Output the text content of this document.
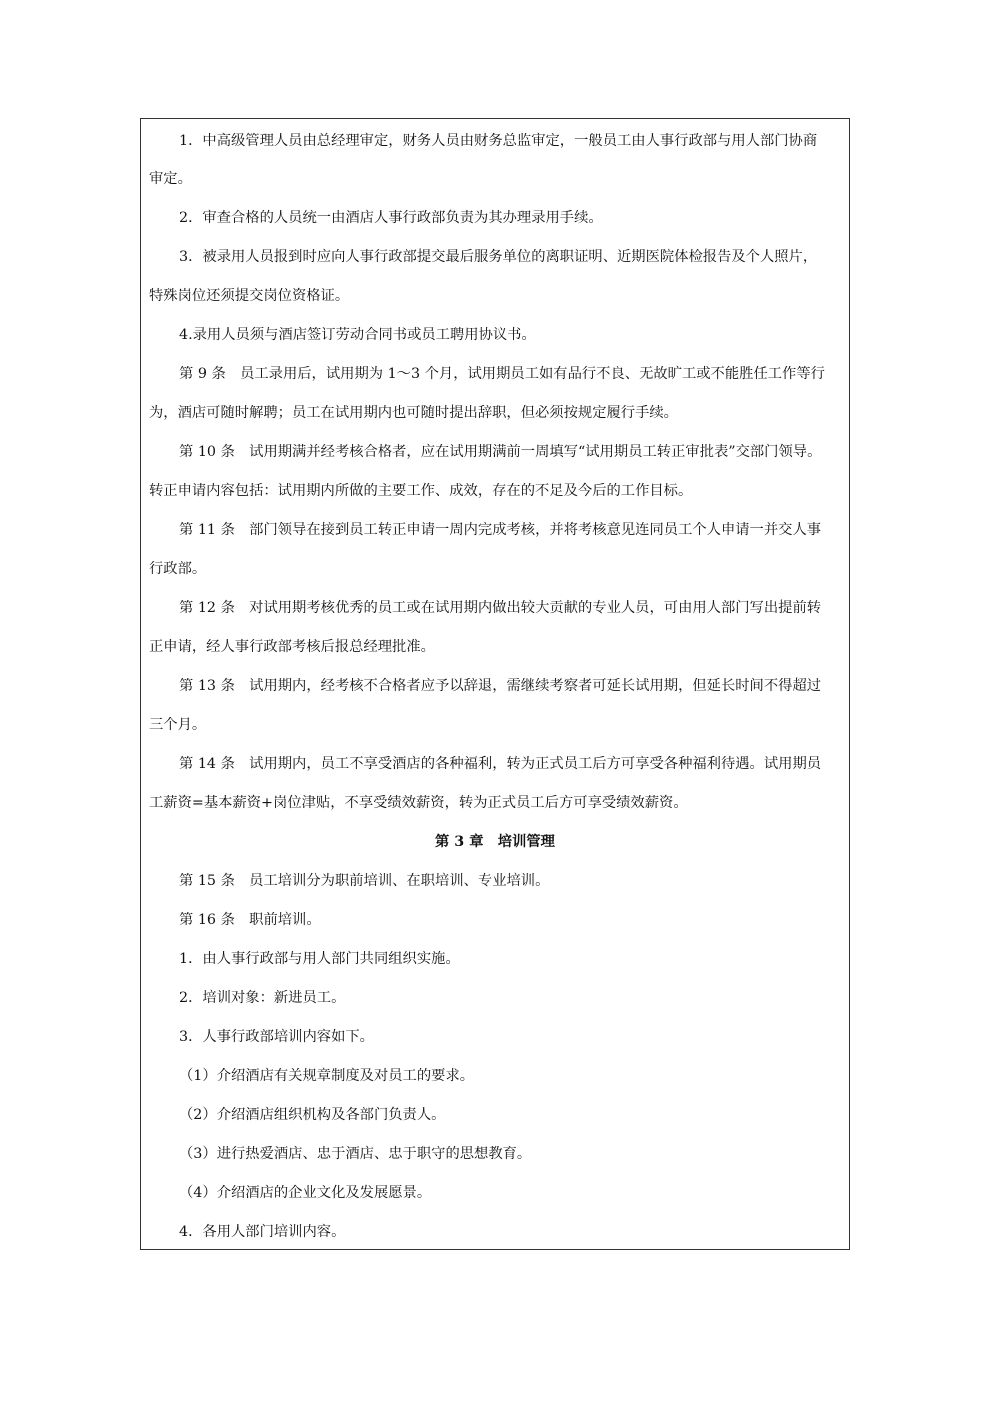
1．中高级管理人员由总经理审定，财务人员由财务总监审定，一般员工由人事行政部与用人部门协商
审定。
2．审查合格的人员统一由酒店人事行政部负责为其办理录用手续。
3．被录用人员报到时应向人事行政部提交最后服务单位的离职证明、近期医院体检报告及个人照片，
特殊岗位还须提交岗位资格证。
4.录用人员须与酒店签订劳动合同书或员工聘用协议书。
第 9 条　员工录用后，试用期为 1～3 个月，试用期员工如有品行不良、无故旷工或不能胜任工作等行
为，酒店可随时解聘；员工在试用期内也可随时提出辞职，但必须按规定履行手续。
第 10 条　试用期满并经考核合格者，应在试用期满前一周填写“试用期员工转正审批表”交部门领导。
转正申请内容包括：试用期内所做的主要工作、成效，存在的不足及今后的工作目标。
第 11 条　部门领导在接到员工转正申请一周内完成考核，并将考核意见连同员工个人申请一并交人事
行政部。
第 12 条　对试用期考核优秀的员工或在试用期内做出较大贡献的专业人员，可由用人部门写出提前转
正申请，经人事行政部考核后报总经理批准。
第 13 条　试用期内，经考核不合格者应予以辞退，需继续考察者可延长试用期，但延长时间不得超过
三个月。
第 14 条　试用期内，员工不享受酒店的各种福利，转为正式员工后方可享受各种福利待遇。试用期员
工薪资=基本薪资+岗位津贴，不享受绩效薪资，转为正式员工后方可享受绩效薪资。
第 3 章　培训管理
第 15 条　员工培训分为职前培训、在职培训、专业培训。
第 16 条　职前培训。
1．由人事行政部与用人部门共同组织实施。
2．培训对象：新进员工。
3．人事行政部培训内容如下。
（1）介绍酒店有关规章制度及对员工的要求。
（2）介绍酒店组织机构及各部门负责人。
（3）进行热爱酒店、忠于酒店、忠于职守的思想教育。
（4）介绍酒店的企业文化及发展愿景。
4．各用人部门培训内容。
